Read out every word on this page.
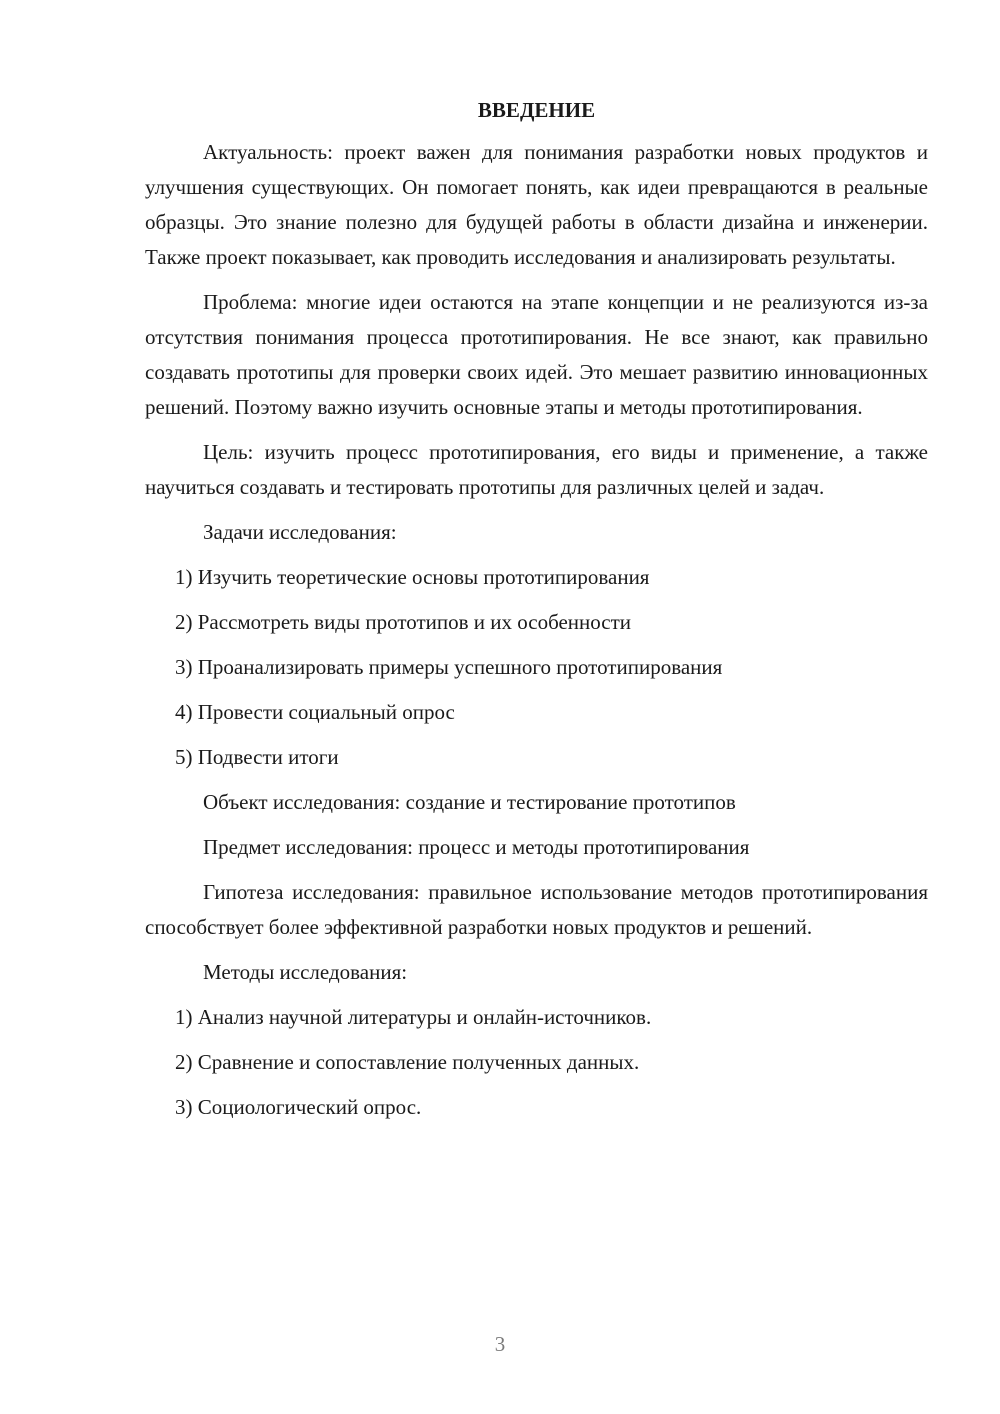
ВВЕДЕНИЕ

Актуальность: проект важен для понимания разработки новых продуктов и улучшения существующих. Он помогает понять, как идеи превращаются в реальные образцы. Это знание полезно для будущей работы в области дизайна и инженерии. Также проект показывает, как проводить исследования и анализировать результаты.

Проблема: многие идеи остаются на этапе концепции и не реализуются из-за отсутствия понимания процесса прототипирования. Не все знают, как правильно создавать прототипы для проверки своих идей. Это мешает развитию инновационных решений. Поэтому важно изучить основные этапы и методы прототипирования.

Цель: изучить процесс прототипирования, его виды и применение, а также научиться создавать и тестировать прототипы для различных целей и задач.

Задачи исследования:
1) Изучить теоретические основы прототипирования
2) Рассмотреть виды прототипов и их особенности
3) Проанализировать примеры успешного прототипирования
4) Провести социальный опрос
5) Подвести итоги
Объект исследования: создание и тестирование прототипов
Предмет исследования: процесс и методы прототипирования

Гипотеза исследования: правильное использование методов прототипирования способствует более эффективной разработки новых продуктов и решений.

Методы исследования:
1) Анализ научной литературы и онлайн-источников.
2) Сравнение и сопоставление полученных данных.
3) Социологический опрос.
3
